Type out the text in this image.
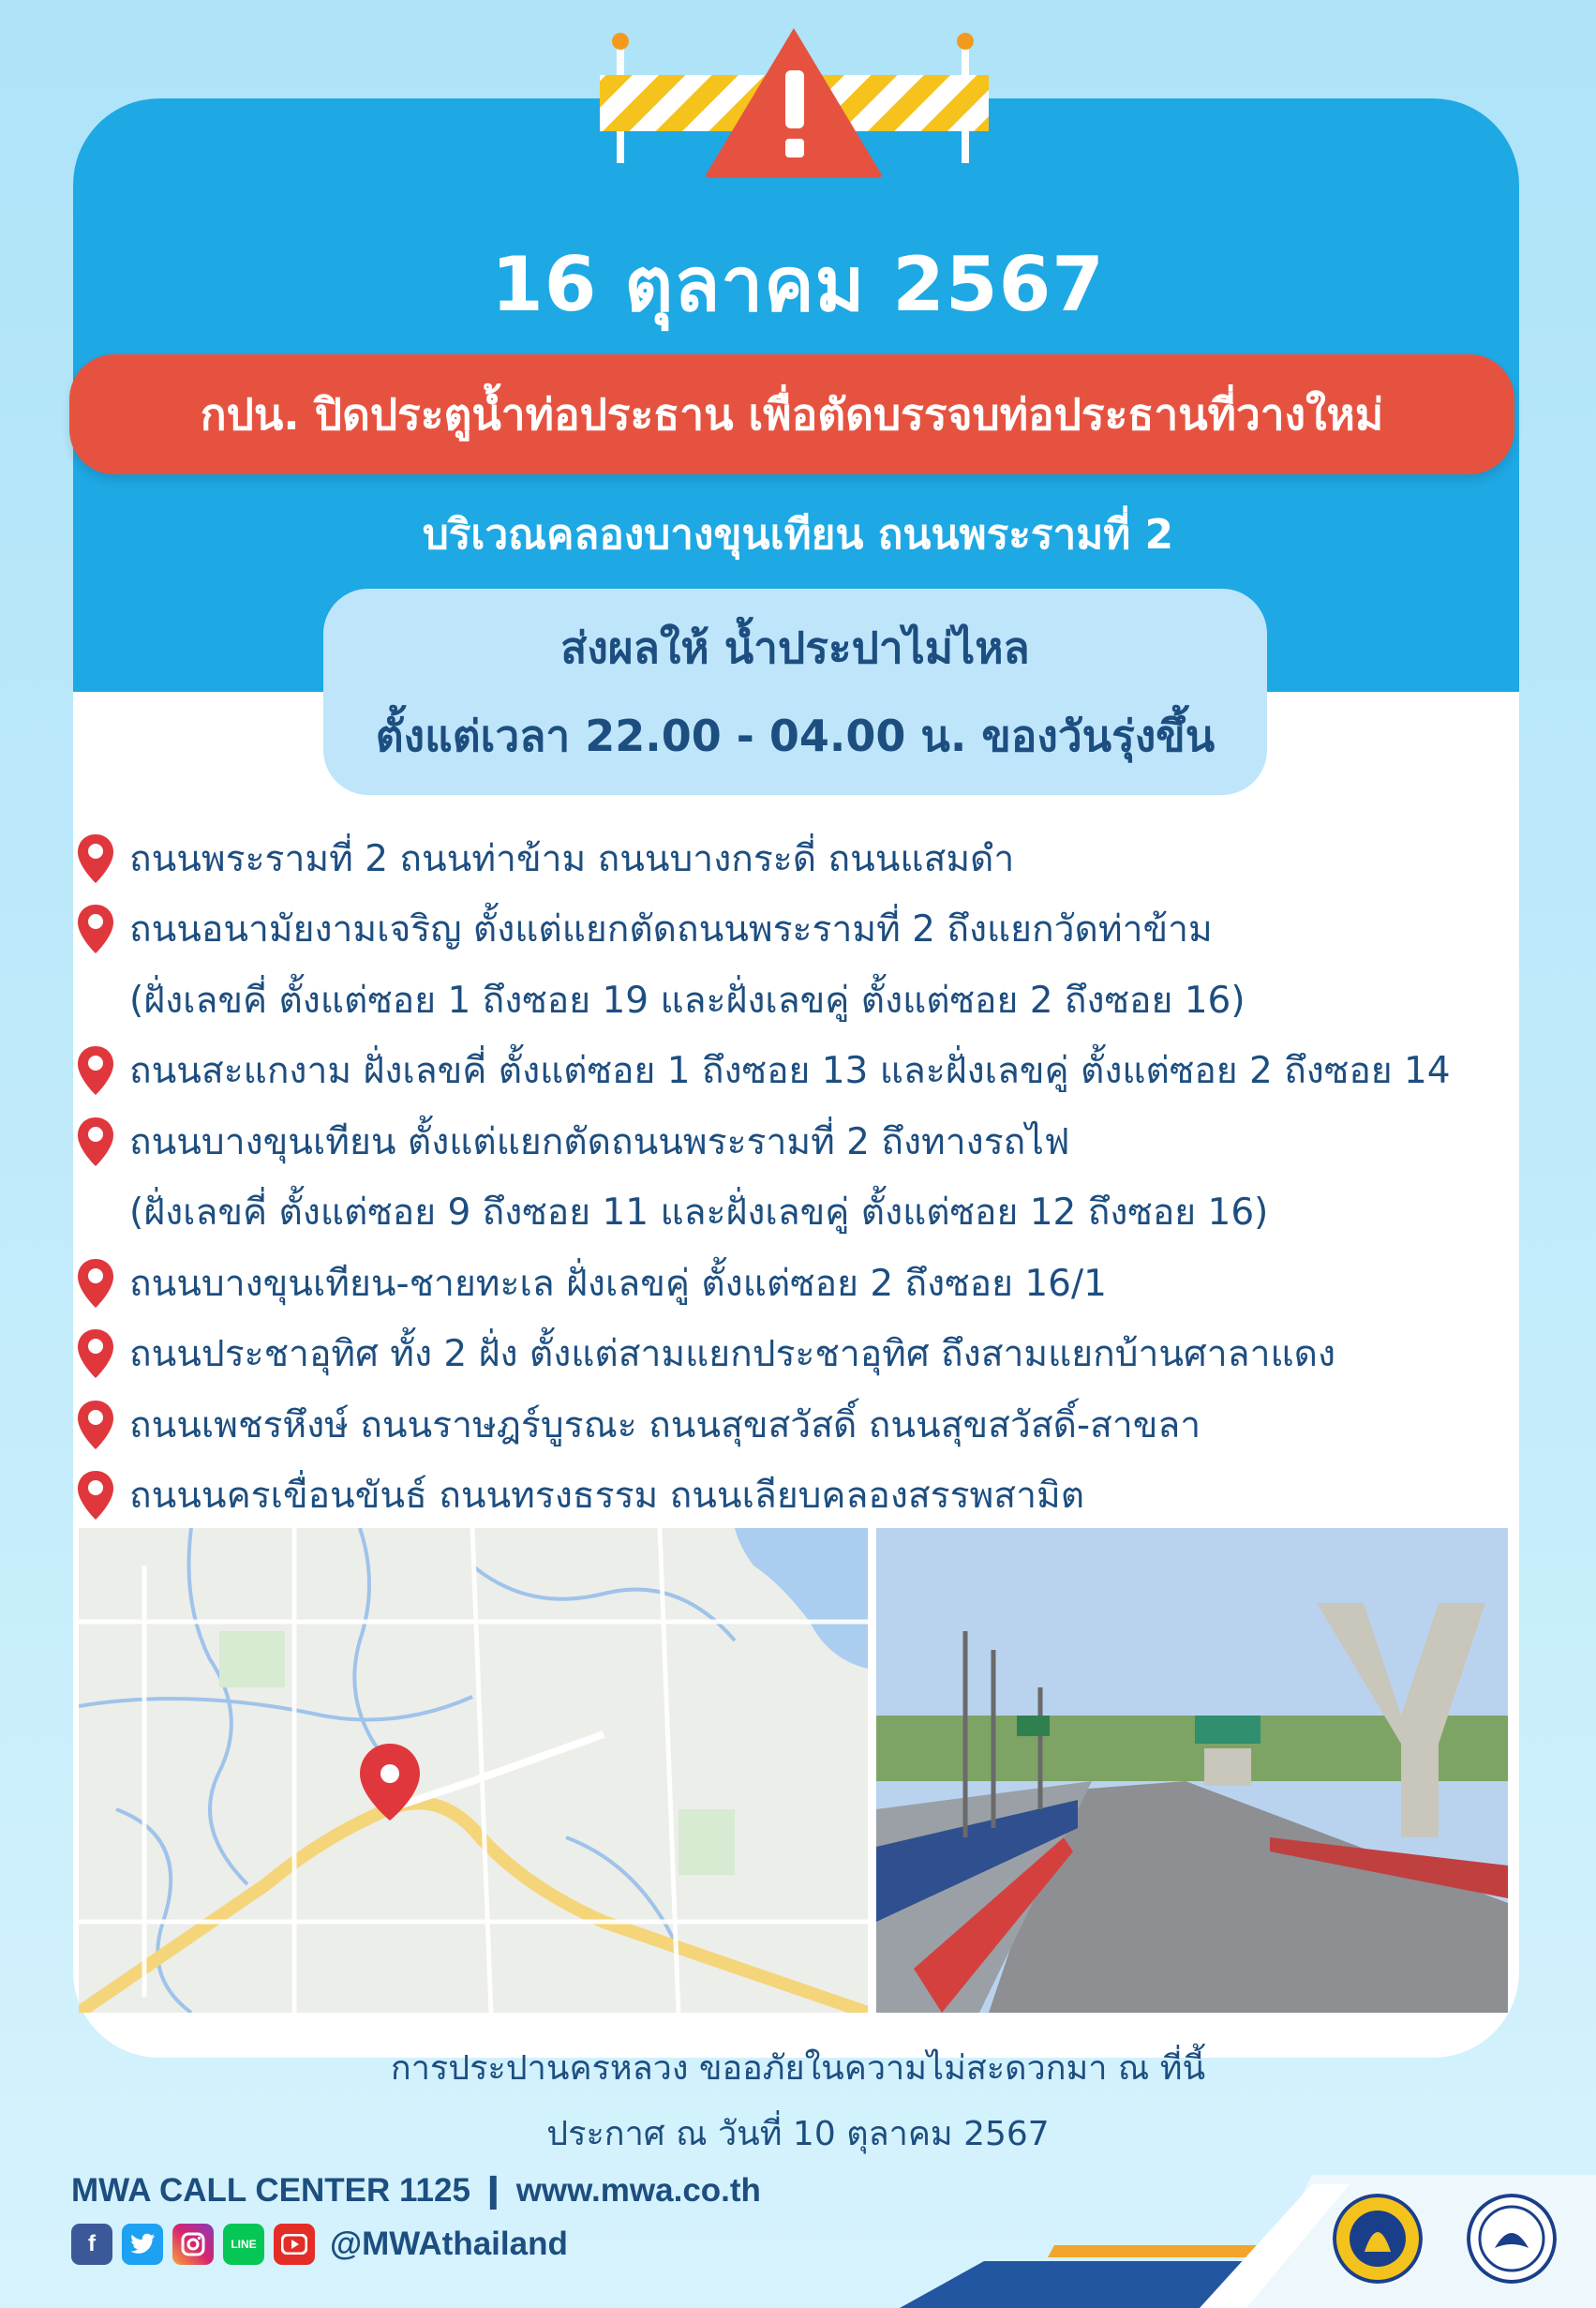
16 ตุลาคม 2567
กปน. ปิดประตูน้ำท่อประธาน เพื่อตัดบรรจบท่อประธานที่วางใหม่
บริเวณคลองบางขุนเทียน ถนนพระรามที่ 2
ส่งผลให้ น้ำประปาไม่ไหล
ตั้งแต่เวลา 22.00 - 04.00 น. ของวันรุ่งขึ้น
ถนนพระรามที่ 2 ถนนท่าข้าม ถนนบางกระดี่ ถนนแสมดำ
ถนนอนามัยงามเจริญ ตั้งแต่แยกตัดถนนพระรามที่ 2 ถึงแยกวัดท่าข้าม
(ฝั่งเลขคี่ ตั้งแต่ซอย 1 ถึงซอย 19 และฝั่งเลขคู่ ตั้งแต่ซอย 2 ถึงซอย 16)
ถนนสะแกงาม ฝั่งเลขคี่ ตั้งแต่ซอย 1 ถึงซอย 13 และฝั่งเลขคู่ ตั้งแต่ซอย 2 ถึงซอย 14
ถนนบางขุนเทียน ตั้งแต่แยกตัดถนนพระรามที่ 2 ถึงทางรถไฟ
(ฝั่งเลขคี่ ตั้งแต่ซอย 9 ถึงซอย 11 และฝั่งเลขคู่ ตั้งแต่ซอย 12 ถึงซอย 16)
ถนนบางขุนเทียน-ชายทะเล ฝั่งเลขคู่ ตั้งแต่ซอย 2 ถึงซอย 16/1
ถนนประชาอุทิศ ทั้ง 2 ฝั่ง ตั้งแต่สามแยกประชาอุทิศ ถึงสามแยกบ้านศาลาแดง
ถนนเพชรหึงษ์ ถนนราษฎร์บูรณะ ถนนสุขสวัสดิ์ ถนนสุขสวัสดิ์-สาขลา
ถนนนครเขื่อนขันธ์ ถนนทรงธรรม ถนนเลียบคลองสรรพสามิต
การประปานครหลวง ขออภัยในความไม่สะดวกมา ณ ที่นี้
ประกาศ ณ วันที่ 10 ตุลาคม 2567
MWA CALL CENTER 1125 ❙ www.mwa.co.th
f	LINE @MWAthailand
